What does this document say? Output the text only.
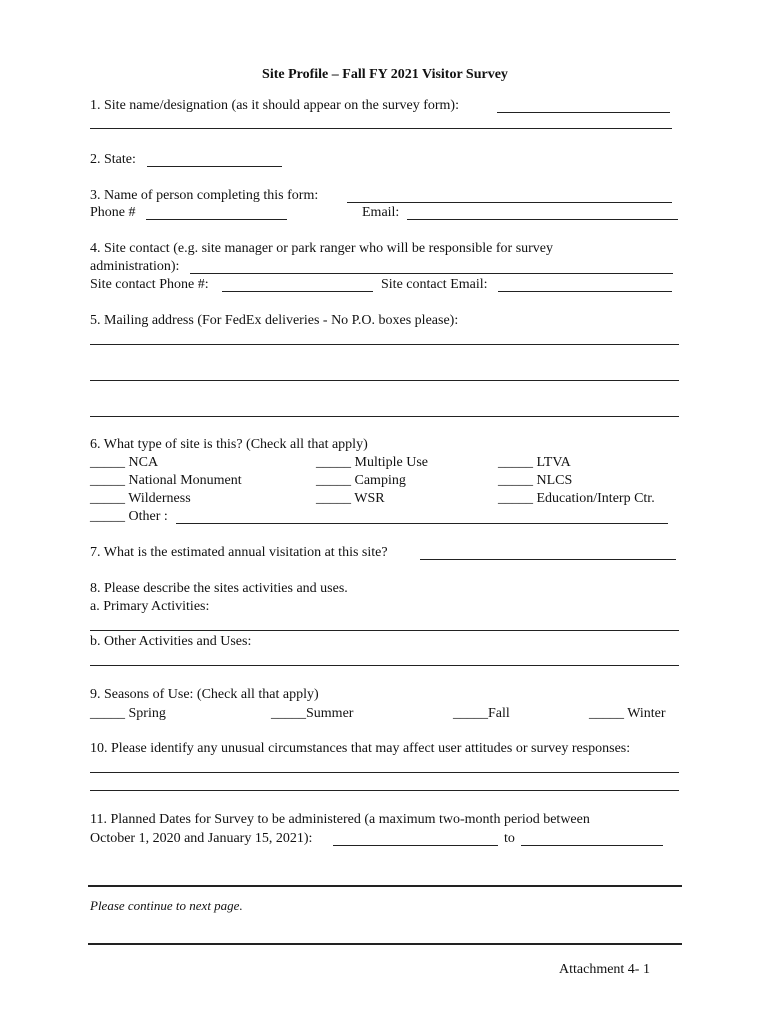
Site Profile – Fall FY 2021 Visitor Survey
1. Site name/designation (as it should appear on the survey form):
2. State:
3. Name of person completing this form:
Phone #	Email:
4. Site contact (e.g. site manager or park ranger who will be responsible for survey
administration):
Site contact Phone #:	Site contact Email:
5. Mailing address (For FedEx deliveries - No P.O. boxes please):
6. What type of site is this? (Check all that apply)
_____ NCA	_____ Multiple Use	_____ LTVA
_____ National Monument	_____ Camping	_____ NLCS
_____ Wilderness	_____ WSR	_____ Education/Interp Ctr.
_____ Other :
7. What is the estimated annual visitation at this site?
8. Please describe the sites activities and uses.
a. Primary Activities:
b. Other Activities and Uses:
9. Seasons of Use: (Check all that apply)
_____ Spring	_____Summer	_____Fall	_____ Winter
10. Please identify any unusual circumstances that may affect user attitudes or survey responses:
11. Planned Dates for Survey to be administered (a maximum two-month period between
October 1, 2020 and January 15, 2021):	to
Please continue to next page.
Attachment 4- 1
